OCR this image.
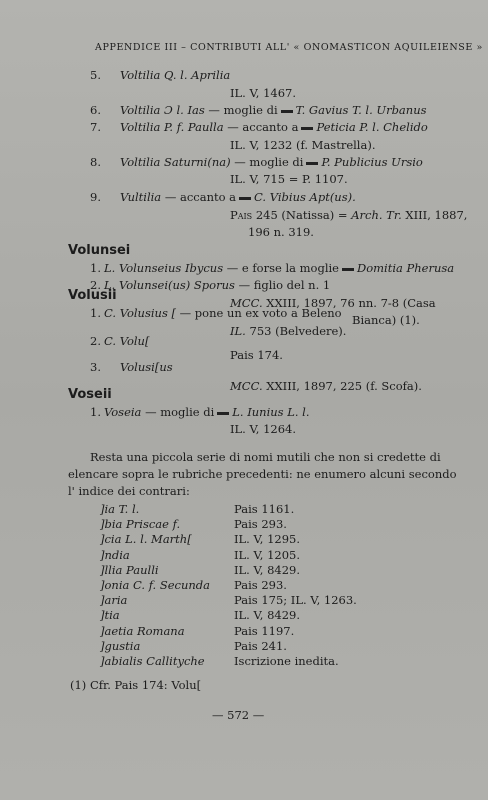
APPENDICE III – CONTRIBUTI ALL' « ONOMASTICON AQUILEIENSE »
5. Voltilia Q. l. Aprilia
IL. V, 1467.
6. Voltilia Ɔ l. Ias — moglie di T. Gavius T. l. Urbanus
7. Voltilia P. f. Paulla — accanto a Peticia P. l. Chelido
IL. V, 1232 (f. Mastrella).
8. Voltilia Saturni(na) — moglie di P. Publicius Ursio
IL. V, 715 = P. 1107.
9. Vultilia — accanto a C. Vibius Apt(us).
Pais 245 (Natissa) = Arch. Tr. XIII, 1887,
196 n. 319.
Volunsei
1. L. Volunseius Ibycus — e forse la moglie Domitia Pherusa
2. L. Volunsei(us) Sporus — figlio del n. 1
MCC. XXIII, 1897, 76 nn. 7-8 (Casa
Bianca) (1).
Volusii
1. C. Volusius [ — pone un ex voto a Beleno
IL. 753 (Belvedere).
2. C. Volu[
Pais 174.
3. Volusi[us
MCC. XXIII, 1897, 225 (f. Scofa).
Voseii
1. Voseia — moglie di L. Iunius L. l.
IL. V, 1264.
Resta una piccola serie di nomi mutili che non si credette di
elencare sopra le rubriche precedenti: ne enumero alcuni secondo
l' indice dei contrari:
]ia T. l.	Pais 1161.
]bia Priscae f.	Pais 293.
]cia L. l. Marth[	IL. V, 1295.
]ndia	IL. V, 1205.
]llia Paulli	IL. V, 8429.
]onia C. f. Secunda Pais 293.
]aria	Pais 175; IL. V, 1263.
]tia	IL. V, 8429.
]aetia Romana	Pais 1197.
]gustia	Pais 241.
]abialis Callityche	Iscrizione inedita.
(1) Cfr. Pais 174: Volu[
— 572 —
